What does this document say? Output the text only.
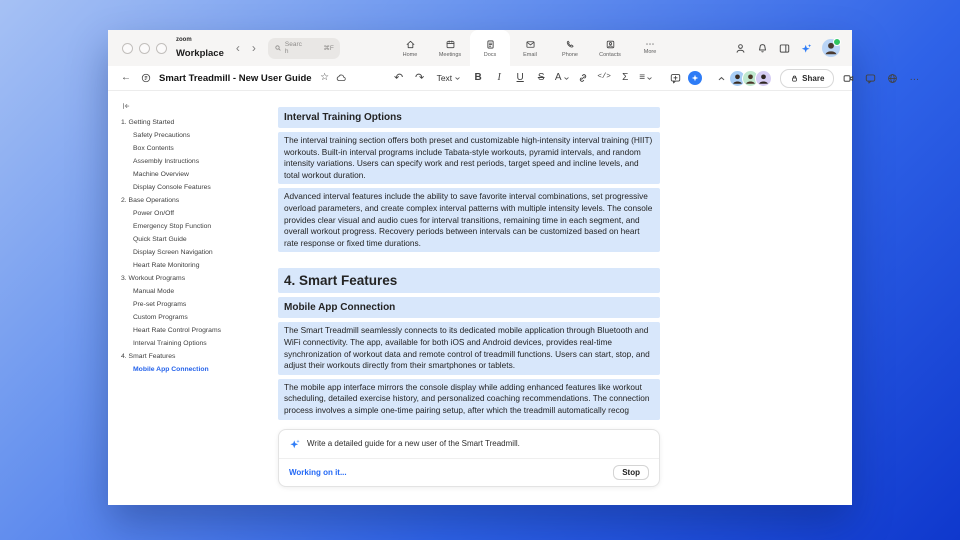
zoom
Workplace ‹ ›	Search	⌘F
Home	Meetings	Docs	Email	Phone	Contacts
⋯
More
←	Smart Treadmill - New User Guide ☆	↶	↷	Text	B	I	U	S	A	</>	Σ	≡	Share	…
1. Getting Started
Safety Precautions
Box Contents
Assembly Instructions
Machine Overview
Display Console Features
2. Base Operations
Power On/Off
Emergency Stop Function
Quick Start Guide
Display Screen Navigation
Heart Rate Monitoring
3. Workout Programs
Manual Mode
Pre-set Programs
Custom Programs
Heart Rate Control Programs
Interval Training Options
4. Smart Features
Mobile App Connection
Interval Training Options
The interval training section offers both preset and customizable high-intensity interval training (HIIT) workouts. Built-in interval programs include Tabata-style workouts, pyramid intervals, and random intensity variations. Users can specify work and rest periods, target speed and incline levels, and total workout duration.
Advanced interval features include the ability to save favorite interval combinations, set progressive overload parameters, and create complex interval patterns with multiple intensity levels. The console provides clear visual and audio cues for interval transitions, remaining time in each segment, and overall workout progress. Recovery periods between intervals can be customized based on heart rate response or fixed time durations.
4. Smart Features
Mobile App Connection
The Smart Treadmill seamlessly connects to its dedicated mobile application through Bluetooth and WiFi connectivity. The app, available for both iOS and Android devices, provides real-time synchronization of workout data and remote control of treadmill functions. Users can start, stop, and adjust their workouts directly from their smartphones or tablets.
The mobile app interface mirrors the console display while adding enhanced features like workout scheduling, detailed exercise history, and personalized coaching recommendations. The connection process involves a simple one-time pairing setup, after which the treadmill automatically recog
Write a detailed guide for a new user of the Smart Treadmill.
Working on it...	Stop
